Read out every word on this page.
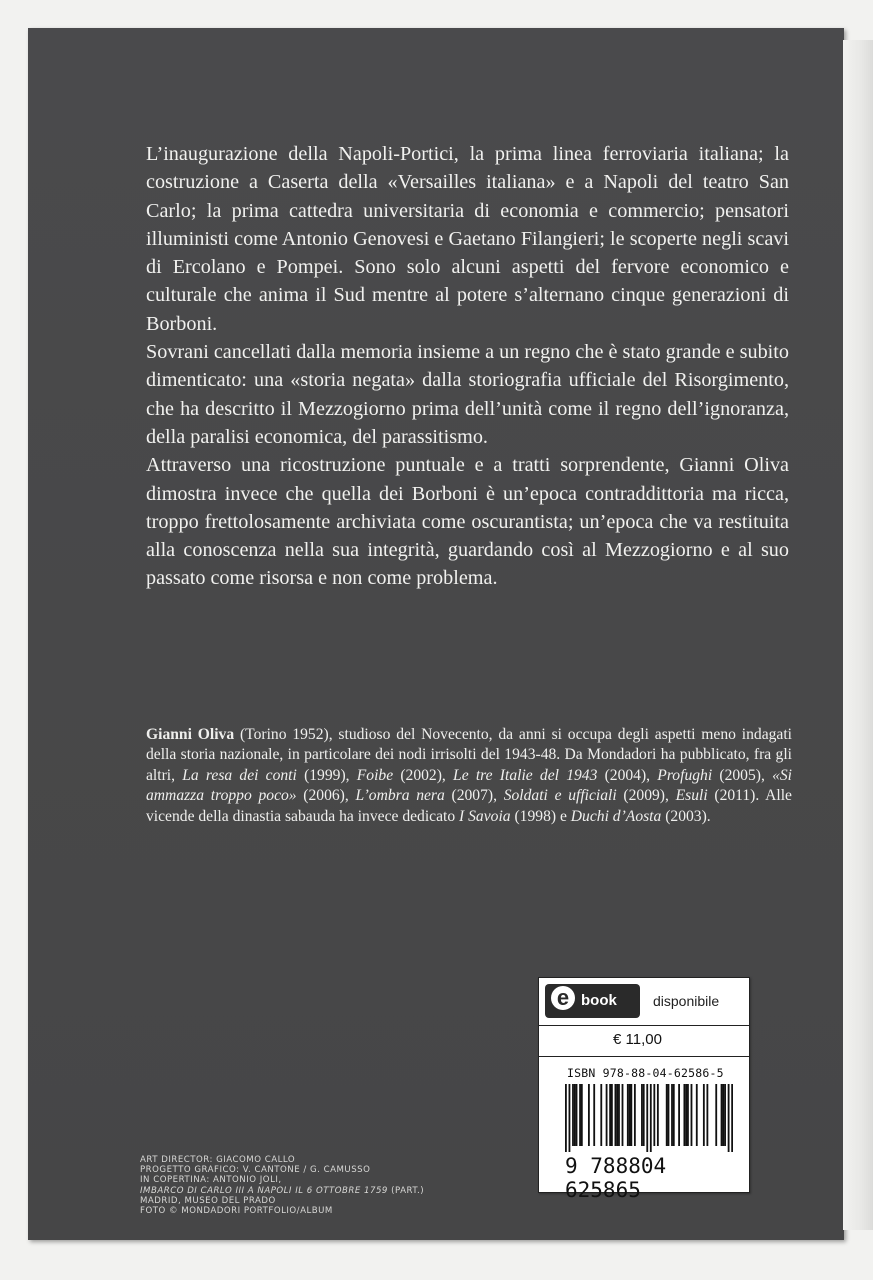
L’inaugurazione della Napoli-Portici, la prima linea ferroviaria italiana; la costruzione a Caserta della «Versailles italiana» e a Napoli del teatro San Carlo; la prima cattedra universitaria di economia e commercio; pensatori illuministi come Antonio Genovesi e Gaetano Filangieri; le scoperte negli scavi di Ercolano e Pompei. Sono solo alcuni aspetti del fervore economico e culturale che anima il Sud mentre al potere s’alternano cinque generazioni di Borboni.

Sovrani cancellati dalla memoria insieme a un regno che è stato grande e subito dimenticato: una «storia negata» dalla storiografia ufficiale del Risorgimento, che ha descritto il Mezzogiorno prima dell’unità come il regno dell’ignoranza, della paralisi economica, del parassitismo.

Attraverso una ricostruzione puntuale e a tratti sorprendente, Gianni Oliva dimostra invece che quella dei Borboni è un’epoca contraddittoria ma ricca, troppo frettolosamente archiviata come oscurantista; un’epoca che va restituita alla conoscenza nella sua integrità, guardando così al Mezzogiorno e al suo passato come risorsa e non come problema.

Gianni Oliva (Torino 1952), studioso del Novecento, da anni si occupa degli aspetti meno indagati della storia nazionale, in particolare dei nodi irrisolti del 1943-48. Da Mondadori ha pubblicato, fra gli altri, La resa dei conti (1999), Foibe (2002), Le tre Italie del 1943 (2004), Profughi (2005), «Si ammazza troppo poco» (2006), L’ombra nera (2007), Soldati e ufficiali (2009), Esuli (2011). Alle vicende della dinastia sabauda ha invece dedicato I Savoia (1998) e Duchi d’Aosta (2003).

ART DIRECTOR: GIACOMO CALLO
PROGETTO GRAFICO: V. CANTONE / G. CAMUSSO
IN COPERTINA: ANTONIO JOLI,
IMBARCO DI CARLO III A NAPOLI IL 6 OTTOBRE 1759 (PART.)
MADRID, MUSEO DEL PRADO
FOTO © MONDADORI PORTFOLIO/ALBUM
e book	disponibile
€ 11,00
ISBN 978-88-04-62586-5
9 788804 625865
